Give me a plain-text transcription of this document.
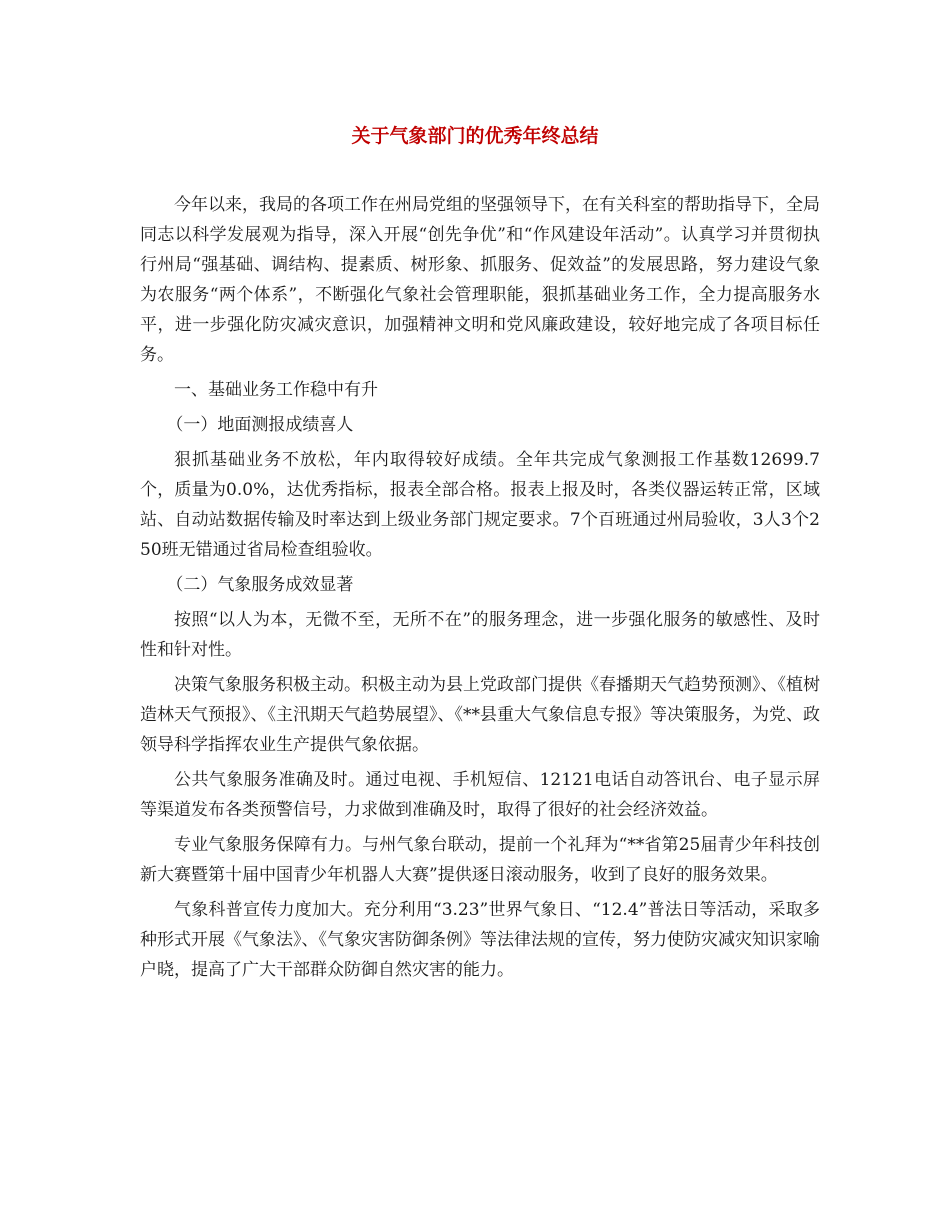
关于气象部门的优秀年终总结

今年以来，我局的各项工作在州局党组的坚强领导下，在有关科室的帮助指导下，全局同志以科学发展观为指导，深入开展“创先争优”和“作风建设年活动”。认真学习并贯彻执行州局“强基础、调结构、提素质、树形象、抓服务、促效益”的发展思路，努力建设气象为农服务“两个体系”，不断强化气象社会管理职能，狠抓基础业务工作，全力提高服务水平，进一步强化防灾减灾意识，加强精神文明和党风廉政建设，较好地完成了各项目标任务。

一、基础业务工作稳中有升

（一）地面测报成绩喜人

狠抓基础业务不放松，年内取得较好成绩。全年共完成气象测报工作基数12699.7个，质量为0.0%，达优秀指标，报表全部合格。报表上报及时，各类仪器运转正常，区域站、自动站数据传输及时率达到上级业务部门规定要求。7个百班通过州局验收，3人3个250班无错通过省局检查组验收。

（二）气象服务成效显著

按照“以人为本，无微不至，无所不在”的服务理念，进一步强化服务的敏感性、及时性和针对性。

决策气象服务积极主动。积极主动为县上党政部门提供《春播期天气趋势预测》、《植树造林天气预报》、《主汛期天气趋势展望》、《**县重大气象信息专报》等决策服务，为党、政领导科学指挥农业生产提供气象依据。

公共气象服务准确及时。通过电视、手机短信、12121电话自动答讯台、电子显示屏等渠道发布各类预警信号，力求做到准确及时，取得了很好的社会经济效益。

专业气象服务保障有力。与州气象台联动，提前一个礼拜为“**省第25届青少年科技创新大赛暨第十届中国青少年机器人大赛”提供逐日滚动服务，收到了良好的服务效果。

气象科普宣传力度加大。充分利用“3.23”世界气象日、“12.4”普法日等活动，采取多种形式开展《气象法》、《气象灾害防御条例》等法律法规的宣传，努力使防灾减灾知识家喻户晓，提高了广大干部群众防御自然灾害的能力。
